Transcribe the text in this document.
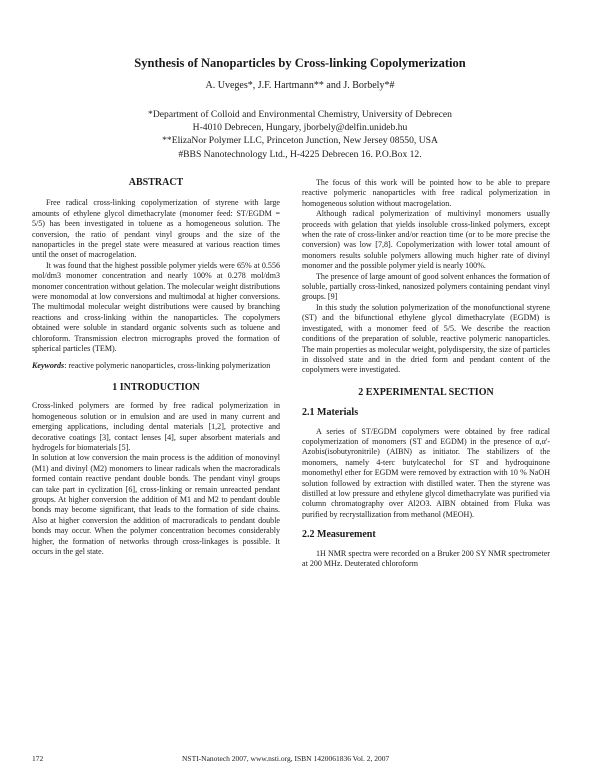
Synthesis of Nanoparticles by Cross-linking Copolymerization
A. Uveges*, J.F. Hartmann** and J. Borbely*#
*Department of Colloid and Environmental Chemistry, University of Debrecen
H-4010 Debrecen, Hungary, jborbely@delfin.unideb.hu
**ElizaNor Polymer LLC, Princeton Junction, New Jersey 08550, USA
#BBS Nanotechnology Ltd., H-4225 Debrecen 16. P.O.Box 12.
ABSTRACT

Free radical cross-linking copolymerization of styrene with large amounts of ethylene glycol dimethacrylate (monomer feed: ST/EGDM = 5/5) has been investigated in toluene as a homogeneous solution. The conversion, the ratio of pendant vinyl groups and the size of the nanoparticles in the pregel state were measured at various reaction times until the onset of macrogelation.

It was found that the highest possible polymer yields were 65% at 0.556 mol/dm3 monomer concentration and nearly 100% at 0.278 mol/dm3 monomer concentration without gelation. The molecular weight distributions were monomodal at low conversions and multimodal at higher conversions. The multimodal molecular weight distributions were caused by branching reactions and cross-linking within the nanoparticles. The copolymers obtained were soluble in standard organic solvents such as toluene and chloroform. Transmission electron micrographs proved the formation of spherical particles (TEM).

Keywords: reactive polymeric nanoparticles, cross-linking polymerization

1 INTRODUCTION

Cross-linked polymers are formed by free radical polymerization in homogeneous solution or in emulsion and are used in many current and emerging applications, including dental materials [1,2], protective and decorative coatings [3], contact lenses [4], super absorbent materials and hydrogels for biomaterials [5].

In solution at low conversion the main process is the addition of monovinyl (M1) and divinyl (M2) monomers to linear radicals when the macroradicals formed contain reactive pendant double bonds. The pendant vinyl groups can take part in cyclization [6], cross-linking or remain unreacted pendant groups. At higher conversion the addition of M1 and M2 to pendant double bonds may become significant, that leads to the formation of side chains. Also at higher conversion the addition of macroradicals to pendant double bonds may occur. When the polymer concentration becomes considerably higher, the formation of networks through cross-linkages is possible. It occurs in the gel state.

The focus of this work will be pointed how to be able to prepare reactive polymeric nanoparticles with free radical polymerization in homogeneous solution without macrogelation.

Although radical polymerization of multivinyl monomers usually proceeds with gelation that yields insoluble cross-linked polymers, except when the rate of cross-linker and/or reaction time (or to be more precise the conversion) was low [7,8]. Copolymerization with lower total amount of monomers results soluble polymers allowing much higher rate of divinyl monomer and the possible polymer yield is nearly 100%.

The presence of large amount of good solvent enhances the formation of soluble, partially cross-linked, nanosized polymers containing pendant vinyl groups. [9]

In this study the solution polymerization of the monofunctional styrene (ST) and the bifunctional ethylene glycol dimethacrylate (EGDM) is investigated, with a monomer feed of 5/5. We describe the reaction conditions of the preparation of soluble, reactive polymeric nanoparticles. The main properties as molecular weight, polydispersity, the size of particles in dissolved state and in the dried form and pendant content of the copolymers were investigated.

2 EXPERIMENTAL SECTION
2.1 Materials

A series of ST/EGDM copolymers were obtained by free radical copolymerization of monomers (ST and EGDM) in the presence of α,α'- Azobis(isobutyronitrile) (AIBN) as initiator. The stabilizers of the monomers, namely 4-terc butylcatechol for ST and hydroquinone monomethyl ether for EGDM were removed by extraction with 10 % NaOH solution followed by extraction with distilled water. Then the styrene was distilled at low pressure and ethylene glycol dimethacrylate was purified via column chromatography over Al2O3. AIBN obtained from Fluka was purified by recrystallization from methanol (MEOH).

2.2 Measurement

1H NMR spectra were recorded on a Bruker 200 SY NMR spectrometer at 200 MHz. Deuterated chloroform

172	NSTI-Nanotech 2007, www.nsti.org, ISBN 1420061836 Vol. 2, 2007
